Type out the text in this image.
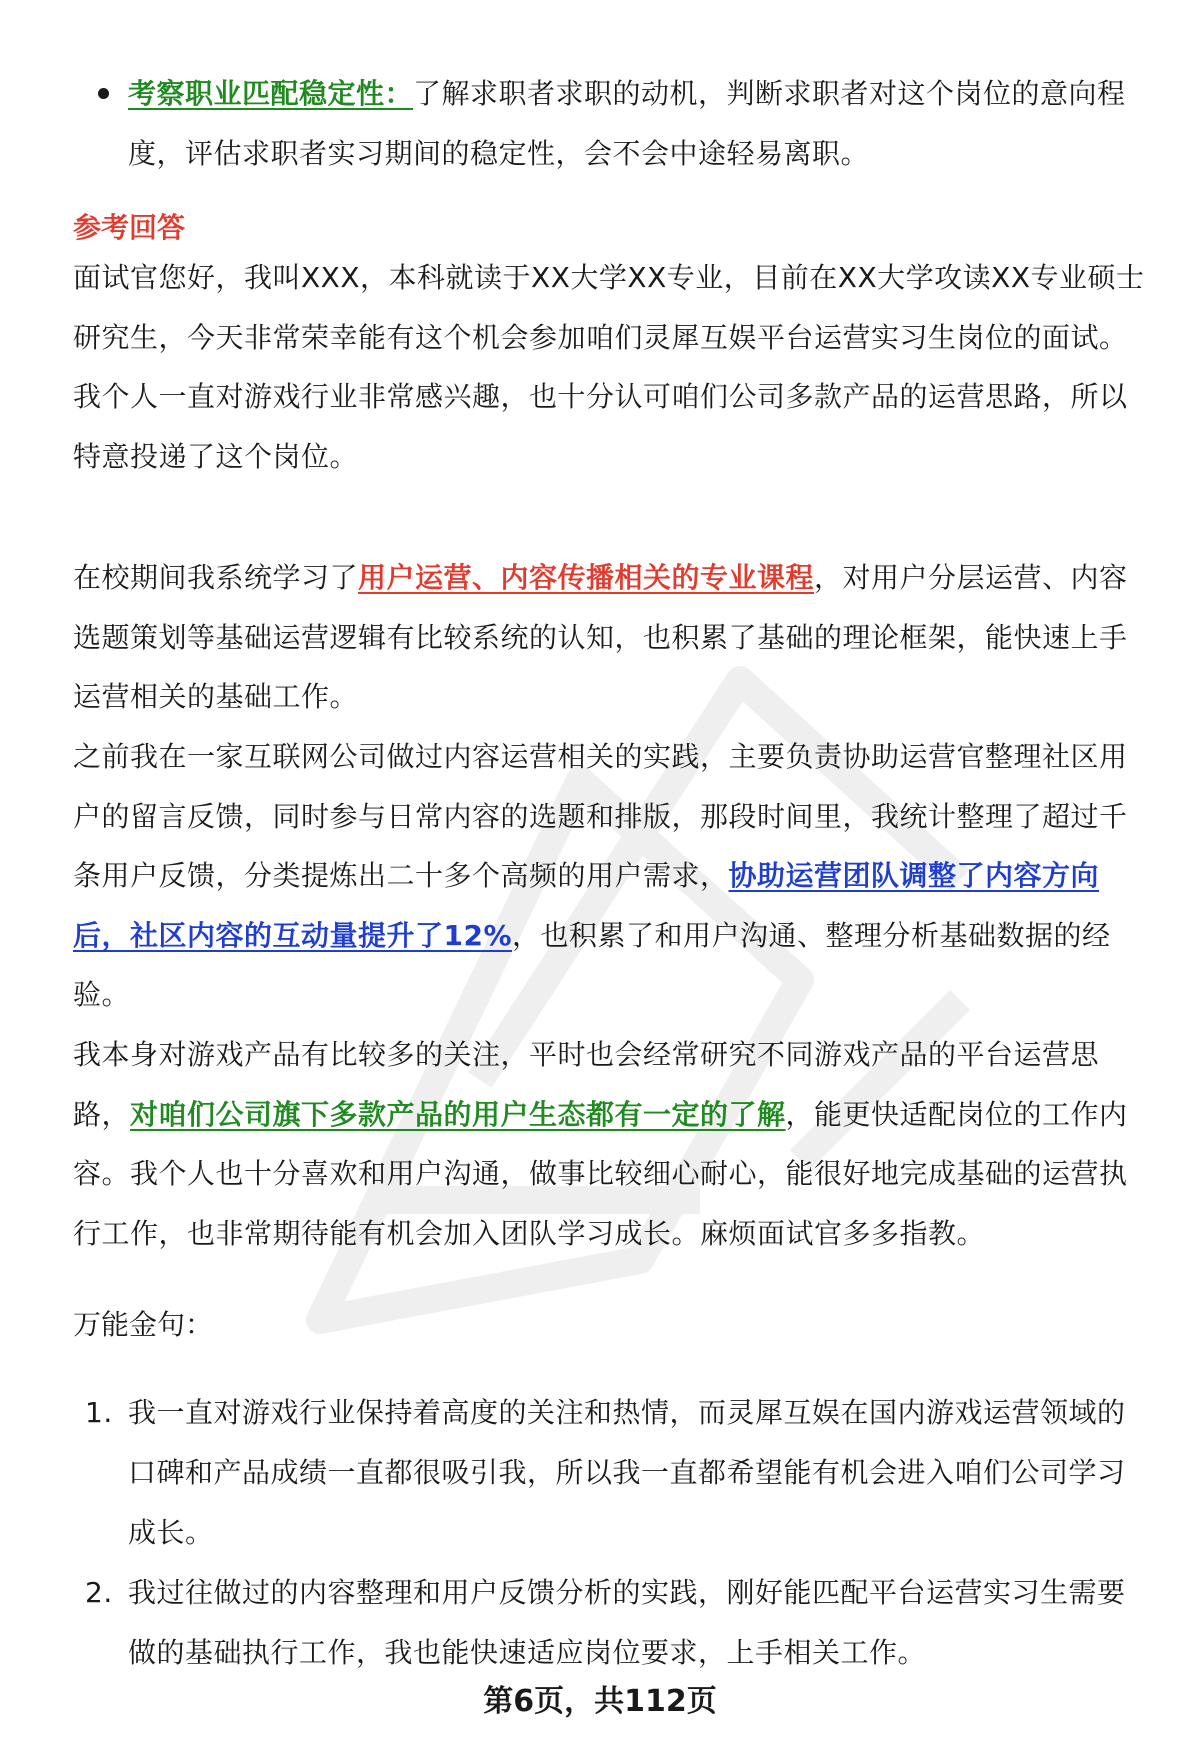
考察职业匹配稳定性：了解求职者求职的动机，判断求职者对这个岗位的意向程度，评估求职者实习期间的稳定性，会不会中途轻易离职。
参考回答
面试官您好，我叫XXX，本科就读于XX大学XX专业，目前在XX大学攻读XX专业硕士研究生，今天非常荣幸能有这个机会参加咱们灵犀互娱平台运营实习生岗位的面试。我个人一直对游戏行业非常感兴趣，也十分认可咱们公司多款产品的运营思路，所以特意投递了这个岗位。
在校期间我系统学习了用户运营、内容传播相关的专业课程，对用户分层运营、内容选题策划等基础运营逻辑有比较系统的认知，也积累了基础的理论框架，能快速上手运营相关的基础工作。
之前我在一家互联网公司做过内容运营相关的实践，主要负责协助运营官整理社区用户的留言反馈，同时参与日常内容的选题和排版，那段时间里，我统计整理了超过千条用户反馈，分类提炼出二十多个高频的用户需求，协助运营团队调整了内容方向后，社区内容的互动量提升了12%，也积累了和用户沟通、整理分析基础数据的经验。
我本身对游戏产品有比较多的关注，平时也会经常研究不同游戏产品的平台运营思路，对咱们公司旗下多款产品的用户生态都有一定的了解，能更快适配岗位的工作内容。我个人也十分喜欢和用户沟通，做事比较细心耐心，能很好地完成基础的运营执行工作，也非常期待能有机会加入团队学习成长。麻烦面试官多多指教。
万能金句：
1. 我一直对游戏行业保持着高度的关注和热情，而灵犀互娱在国内游戏运营领域的口碑和产品成绩一直都很吸引我，所以我一直都希望能有机会进入咱们公司学习成长。
2. 我过往做过的内容整理和用户反馈分析的实践，刚好能匹配平台运营实习生需要做的基础执行工作，我也能快速适应岗位要求，上手相关工作。
第6页，共112页
